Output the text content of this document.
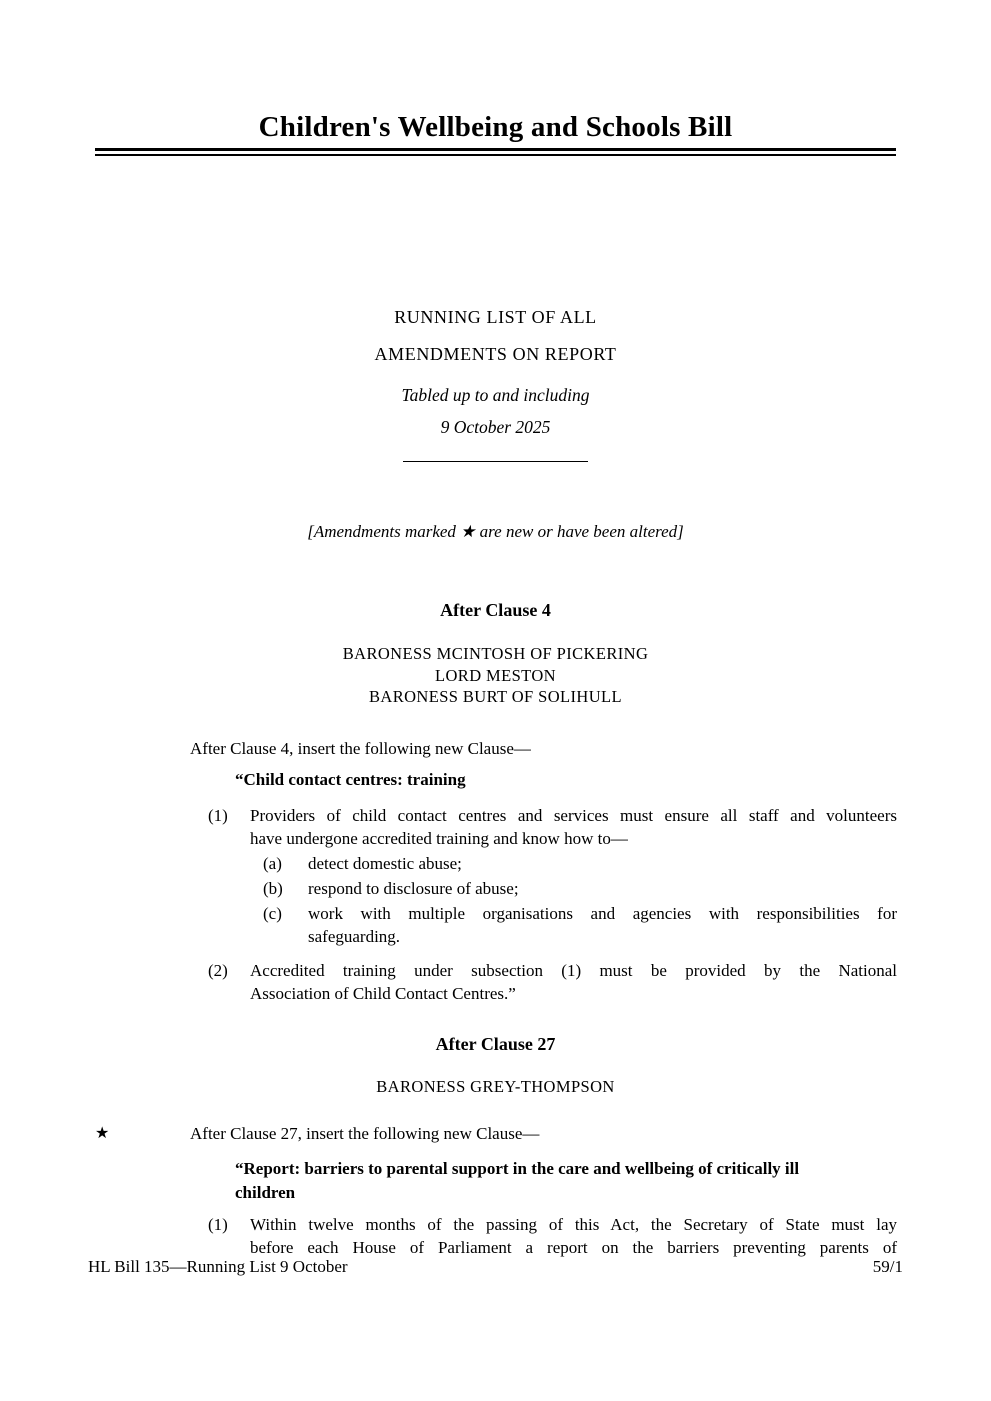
Children's Wellbeing and Schools Bill
RUNNING LIST OF ALL
AMENDMENTS ON REPORT
Tabled up to and including
9 October 2025
[Amendments marked ★ are new or have been altered]
After Clause 4
BARONESS MCINTOSH OF PICKERING
LORD MESTON
BARONESS BURT OF SOLIHULL
After Clause 4, insert the following new Clause—
“Child contact centres: training
(1)	Providers of child contact centres and services must ensure all staff and volunteers
have undergone accredited training and know how to—
(a)	detect domestic abuse;
(b)	respond to disclosure of abuse;
(c)	work with multiple organisations and agencies with responsibilities for
safeguarding.
(2)	Accredited training under subsection (1) must be provided by the National
Association of Child Contact Centres.”
After Clause 27
BARONESS GREY-THOMPSON
★	After Clause 27, insert the following new Clause—
“Report: barriers to parental support in the care and wellbeing of critically ill
children
(1)	Within twelve months of the passing of this Act, the Secretary of State must lay
before each House of Parliament a report on the barriers preventing parents of
HL Bill 135—Running List 9 October	59/1
